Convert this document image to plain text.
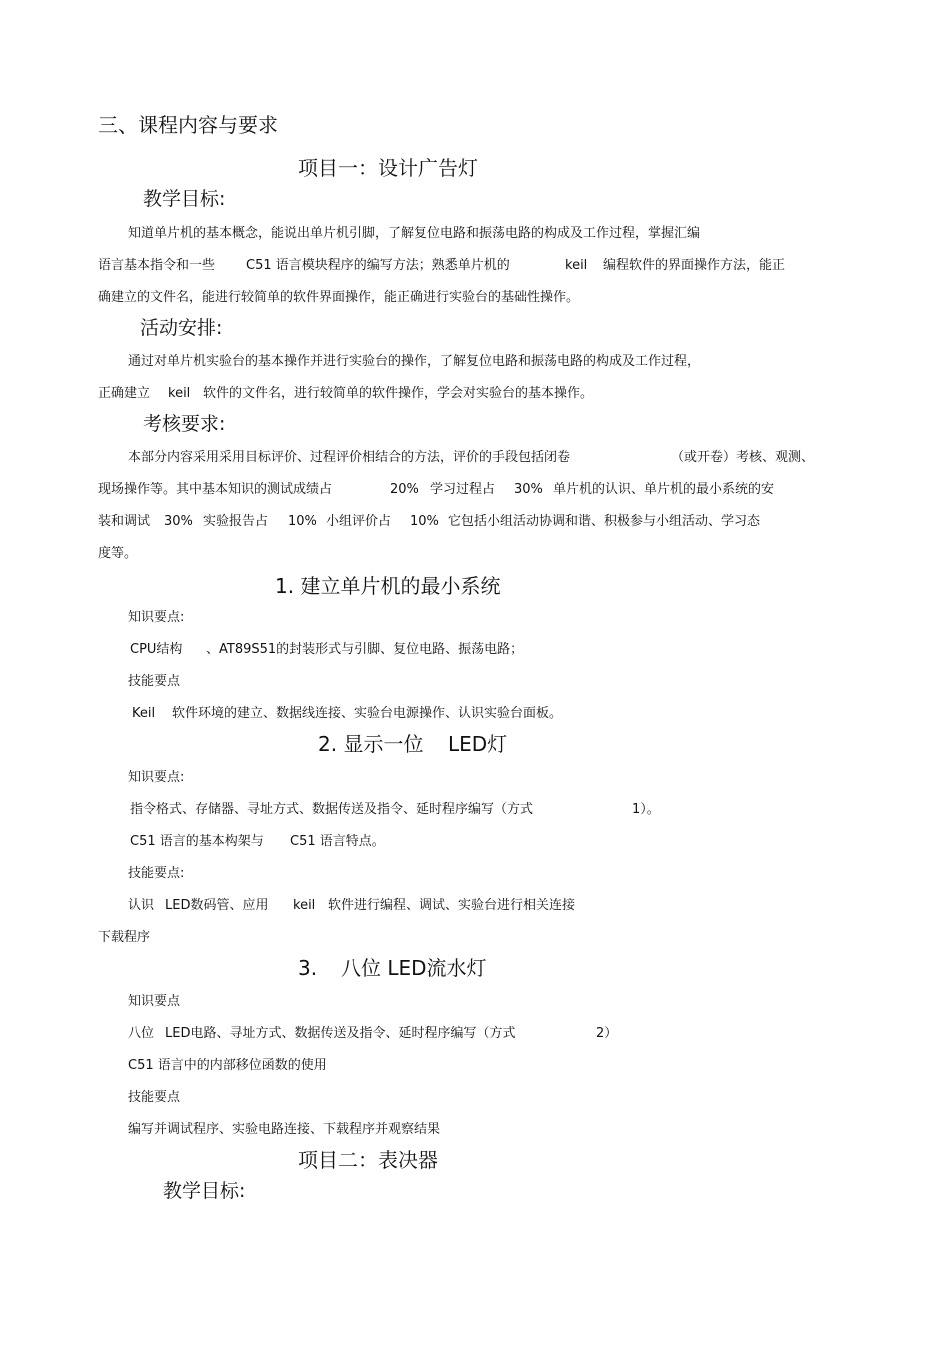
三、课程内容与要求
项目一：设计广告灯
教学目标:
知道单片机的基本概念，能说出单片机引脚，了解复位电路和振荡电路的构成及工作过程，掌握汇编
语言基本指令和一些 C51 语言模块程序的编写方法；熟悉单片机的	keil 编程软件的界面操作方法，能正
确建立的文件名，能进行较简单的软件界面操作，能正确进行实验台的基础性操作。
活动安排:
通过对单片机实验台的基本操作并进行实验台的操作，了解复位电路和振荡电路的构成及工作过程，
正确建立 keil 软件的文件名，进行较简单的软件操作，学会对实验台的基本操作。
考核要求:
本部分内容采用采用目标评价、过程评价相结合的方法，评价的手段包括闭卷	（或开卷）考核、观测、
现场操作等。其中基本知识的测试成绩占	20% 学习过程占 30% 单片机的认识、单片机的最小系统的安
装和调试 30% 实验报告占 10% 小组评价占 10% 它包括小组活动协调和谐、积极参与小组活动、学习态
度等。
1. 建立单片机的最小系统
知识要点:
CPU结构 、AT89S51的封装形式与引脚、复位电路、振荡电路；
技能要点
Keil 软件环境的建立、数据线连接、实验台电源操作、认识实验台面板。
2. 显示一位 LED灯
知识要点:
指令格式、存储器、寻址方式、数据传送及指令、延时程序编写（方式	1）。
C51 语言的基本构架与 C51 语言特点。
技能要点:
认识 LED数码管、应用 keil 软件进行编程、调试、实验台进行相关连接
下载程序
3. 八位 LED流水灯
知识要点
八位 LED电路、寻址方式、数据传送及指令、延时程序编写（方式	2）
C51 语言中的内部移位函数的使用
技能要点
编写并调试程序、实验电路连接、下载程序并观察结果
项目二：表决器
教学目标:
